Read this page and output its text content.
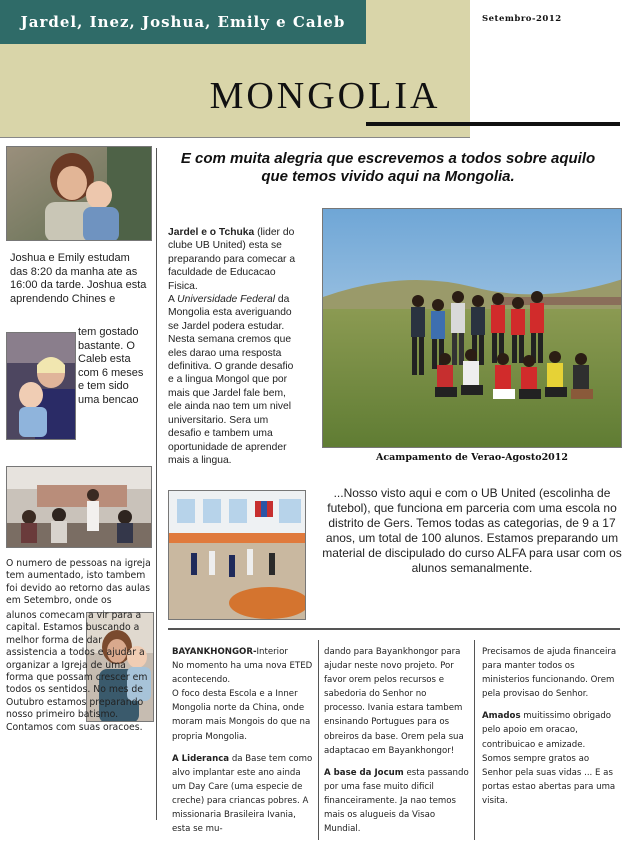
Jardel, Inez, Joshua, Emily e Caleb	Setembro-2012
MONGOLIA
Joshua e Emily estudam das 8:20 da manha ate as 16:00 da tarde. Joshua esta aprendendo Chines e
tem gostado bastante. O Caleb esta com 6 meses e tem sido uma bencao
O numero de pessoas na igreja tem aumentado, isto tambem foi devido ao retorno das aulas em Setembro, onde os
alunos comecam a vir para a capital. Estamos buscando a melhor forma de dar assistencia a todos e ajudar a organizar a Igreja de uma forma que possam crescer em todos os sentidos. No mes de Outubro estamos preparando nosso primeiro batismo. Contamos com suas oracoes.
E com muita alegria que escrevemos a todos sobre aquilo que temos vivido aqui na Mongolia.
Jardel e o Tchuka (lider do clube UB United) esta se preparando para comecar a faculdade de Educacao Fisica.
A Universidade Federal da Mongolia esta averiguando se Jardel podera estudar. Nesta semana cremos que eles darao uma resposta definitiva. O grande desafio e a lingua Mongol que por mais que Jardel fale bem, ele ainda nao tem um nivel universitario. Sera um desafio e tambem uma oportunidade de aprender mais a lingua.	Acampamento de Verao-Agosto2012
...Nosso visto aqui e com o UB United (escolinha de futebol), que funciona em parceria com uma escola no distrito de Gers. Temos todas as categorias, de 9 a 17 anos, um total de 100 alunos. Estamos preparando um material de discipulado do curso ALFA para usar com os alunos semanalmente.

BAYANKHONGOR-Interior

No momento ha uma nova ETED acontecendo.

O foco desta Escola e a Inner Mongolia norte da China, onde moram mais Mongois do que na propria Mongolia.

A Lideranca da Base tem como alvo implantar este ano ainda um Day Care (uma especie de creche) para criancas pobres. A missionaria Brasileira Ivania, esta se mu-

dando para Bayankhongor para ajudar neste novo projeto. Por favor orem pelos recursos e sabedoria do Senhor no processo. Ivania estara tambem ensinando Portugues para os obreiros da base. Orem pela sua adaptacao em Bayankhongor!

A base da Jocum esta passando por uma fase muito dificil financeiramente. Ja nao temos mais os alugueis da Visao Mundial.

Precisamos de ajuda financeira para manter todos os ministerios funcionando. Orem pela provisao do Senhor.

Amados muitissimo obrigado pelo apoio em oracao, contribuicao e amizade.

Somos sempre gratos ao Senhor pela suas vidas ... E as portas estao abertas para uma visita.
